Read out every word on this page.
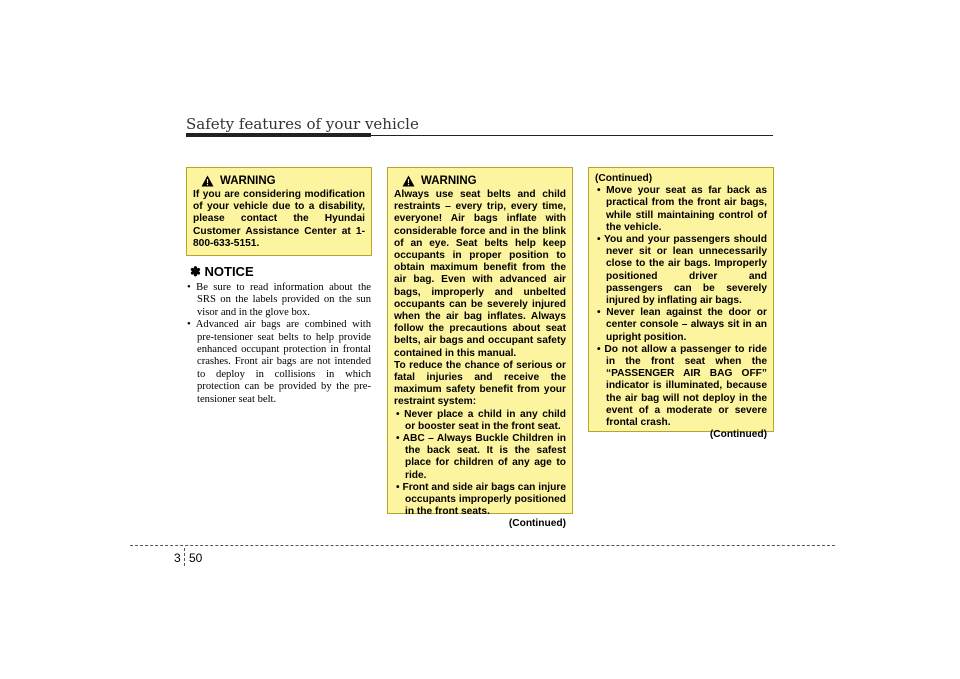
Safety features of your vehicle
WARNING
If you are considering modification of your vehicle due to a disability, please contact the Hyundai Customer Assistance Center at 1-800-633-5151.
✽ NOTICE
• Be sure to read information about the SRS on the labels provided on the sun visor and in the glove box.
• Advanced air bags are combined with pre-tensioner seat belts to help provide enhanced occupant protection in frontal crashes. Front air bags are not intended to deploy in collisions in which protection can be provided by the pre-tensioner seat belt.
WARNING
Always use seat belts and child restraints – every trip, every time, everyone! Air bags inflate with considerable force and in the blink of an eye. Seat belts help keep occupants in proper position to obtain maximum benefit from the air bag. Even with advanced air bags, improperly and unbelted occupants can be severely injured when the air bag inflates. Always follow the precautions about seat belts, air bags and occupant safety contained in this manual.
To reduce the chance of serious or fatal injuries and receive the maximum safety benefit from your restraint system:
• Never place a child in any child or booster seat in the front seat.
• ABC – Always Buckle Children in the back seat. It is the safest place for children of any age to ride.
• Front and side air bags can injure occupants improperly positioned in the front seats.
(Continued)
(Continued)
• Move your seat as far back as practical from the front air bags, while still maintaining control of the vehicle.
• You and your passengers should never sit or lean unnecessarily close to the air bags. Improperly positioned driver and passengers can be severely injured by inflating air bags.
• Never lean against the door or center console – always sit in an upright position.
• Do not allow a passenger to ride in the front seat when the “PASSENGER AIR BAG OFF” indicator is illuminated, because the air bag will not deploy in the event of a moderate or severe frontal crash.
(Continued)
3 50
